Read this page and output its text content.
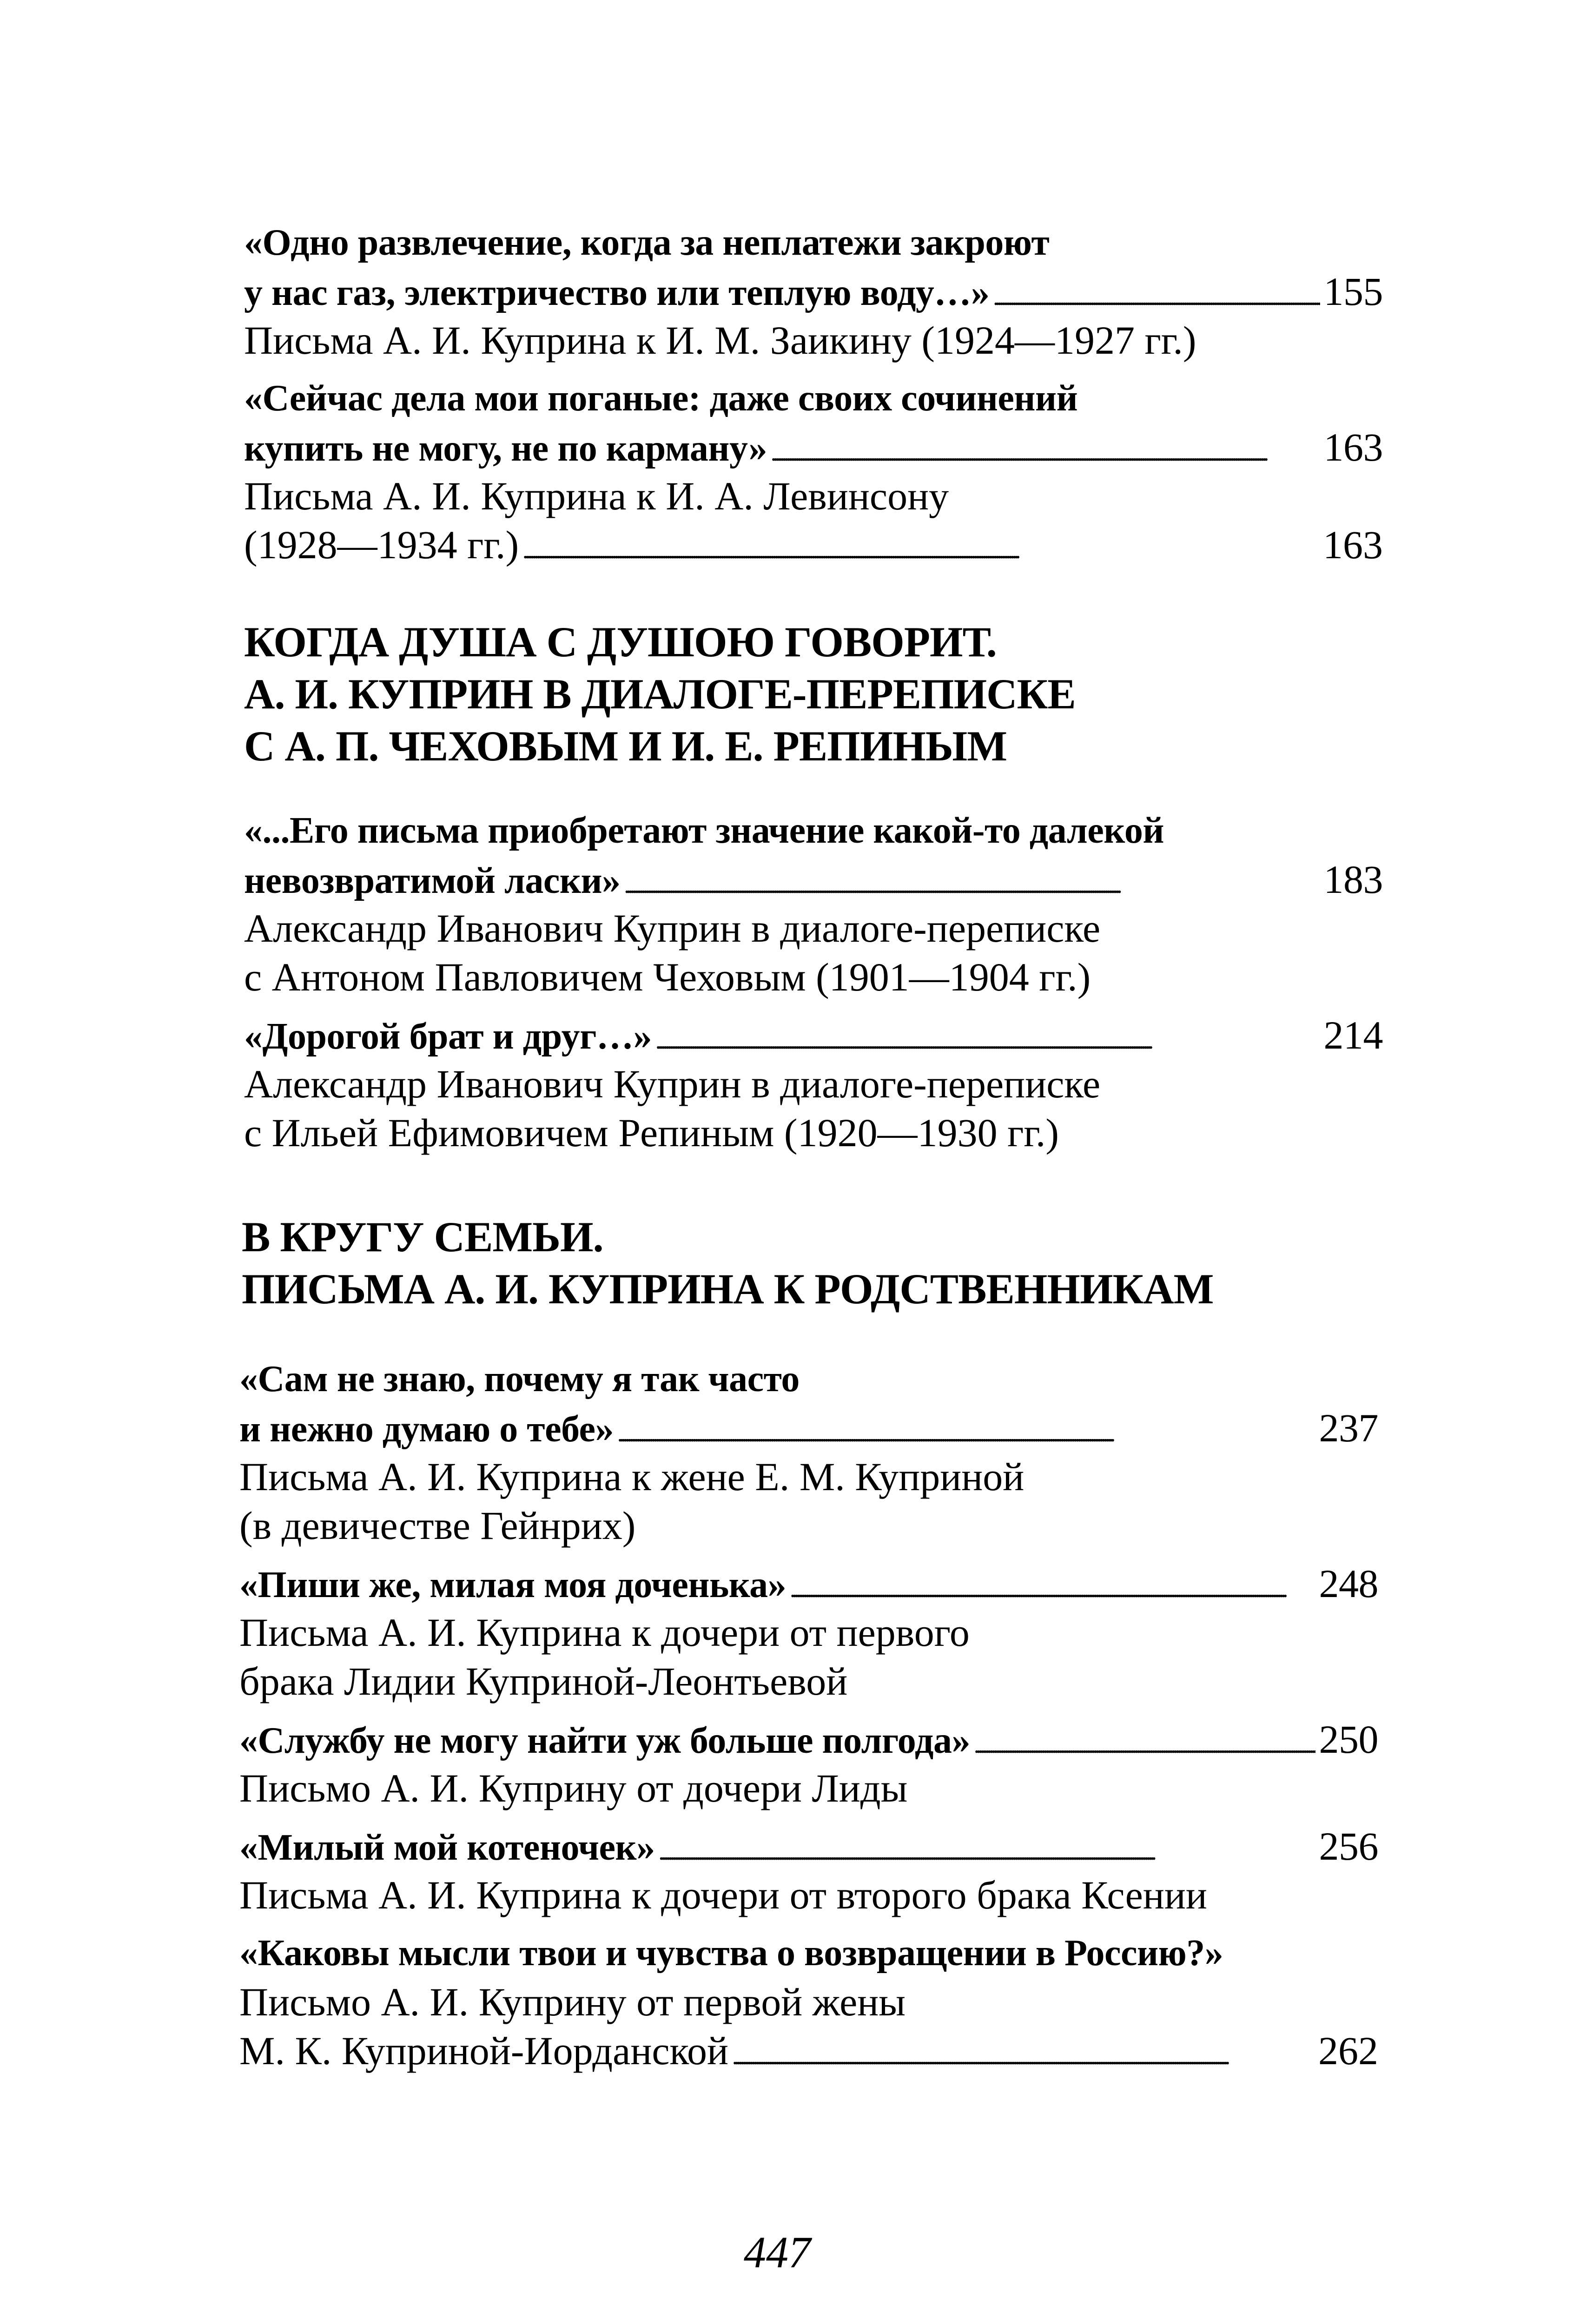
«Одно развлечение, когда за неплатежи закроют
у нас газ, электричество или теплую воду…» . . .	155
Письма А. И. Куприна к И. М. Заикину (1924—1927 гг.)
«Сейчас дела мои поганые: даже своих сочинений
купить не могу, не по карману» . . .	163
Письма А. И. Куприна к И. А. Левинсону
(1928—1934 гг.) . . .	163
КОГДА ДУША С ДУШОЮ ГОВОРИТ.
А. И. КУПРИН В ДИАЛОГЕ-ПЕРЕПИСКЕ
С А. П. ЧЕХОВЫМ И И. Е. РЕПИНЫМ
«...Его письма приобретают значение какой-то далекой
невозвратимой ласки» . . .	183
Александр Иванович Куприн в диалоге-переписке
с Антоном Павловичем Чеховым (1901—1904 гг.)
«Дорогой брат и друг…» . . .	214
Александр Иванович Куприн в диалоге-переписке
с Ильей Ефимовичем Репиным (1920—1930 гг.)
В КРУГУ СЕМЬИ.
ПИСЬМА А. И. КУПРИНА К РОДСТВЕННИКАМ
«Сам не знаю, почему я так часто
и нежно думаю о тебе» . . .	237
Письма А. И. Куприна к жене Е. М. Куприной
(в девичестве Гейнрих)
«Пиши же, милая моя доченька» . . .	248
Письма А. И. Куприна к дочери от первого
брака Лидии Куприной-Леонтьевой
«Службу не могу найти уж больше полгода» . . .	250
Письмо А. И. Куприну от дочери Лиды
«Милый мой котеночек» . . .	256
Письма А. И. Куприна к дочери от второго брака Ксении
«Каковы мысли твои и чувства о возвращении в Россию?»
Письмо А. И. Куприну от первой жены
М. К. Куприной-Иорданской . . .	262
447
